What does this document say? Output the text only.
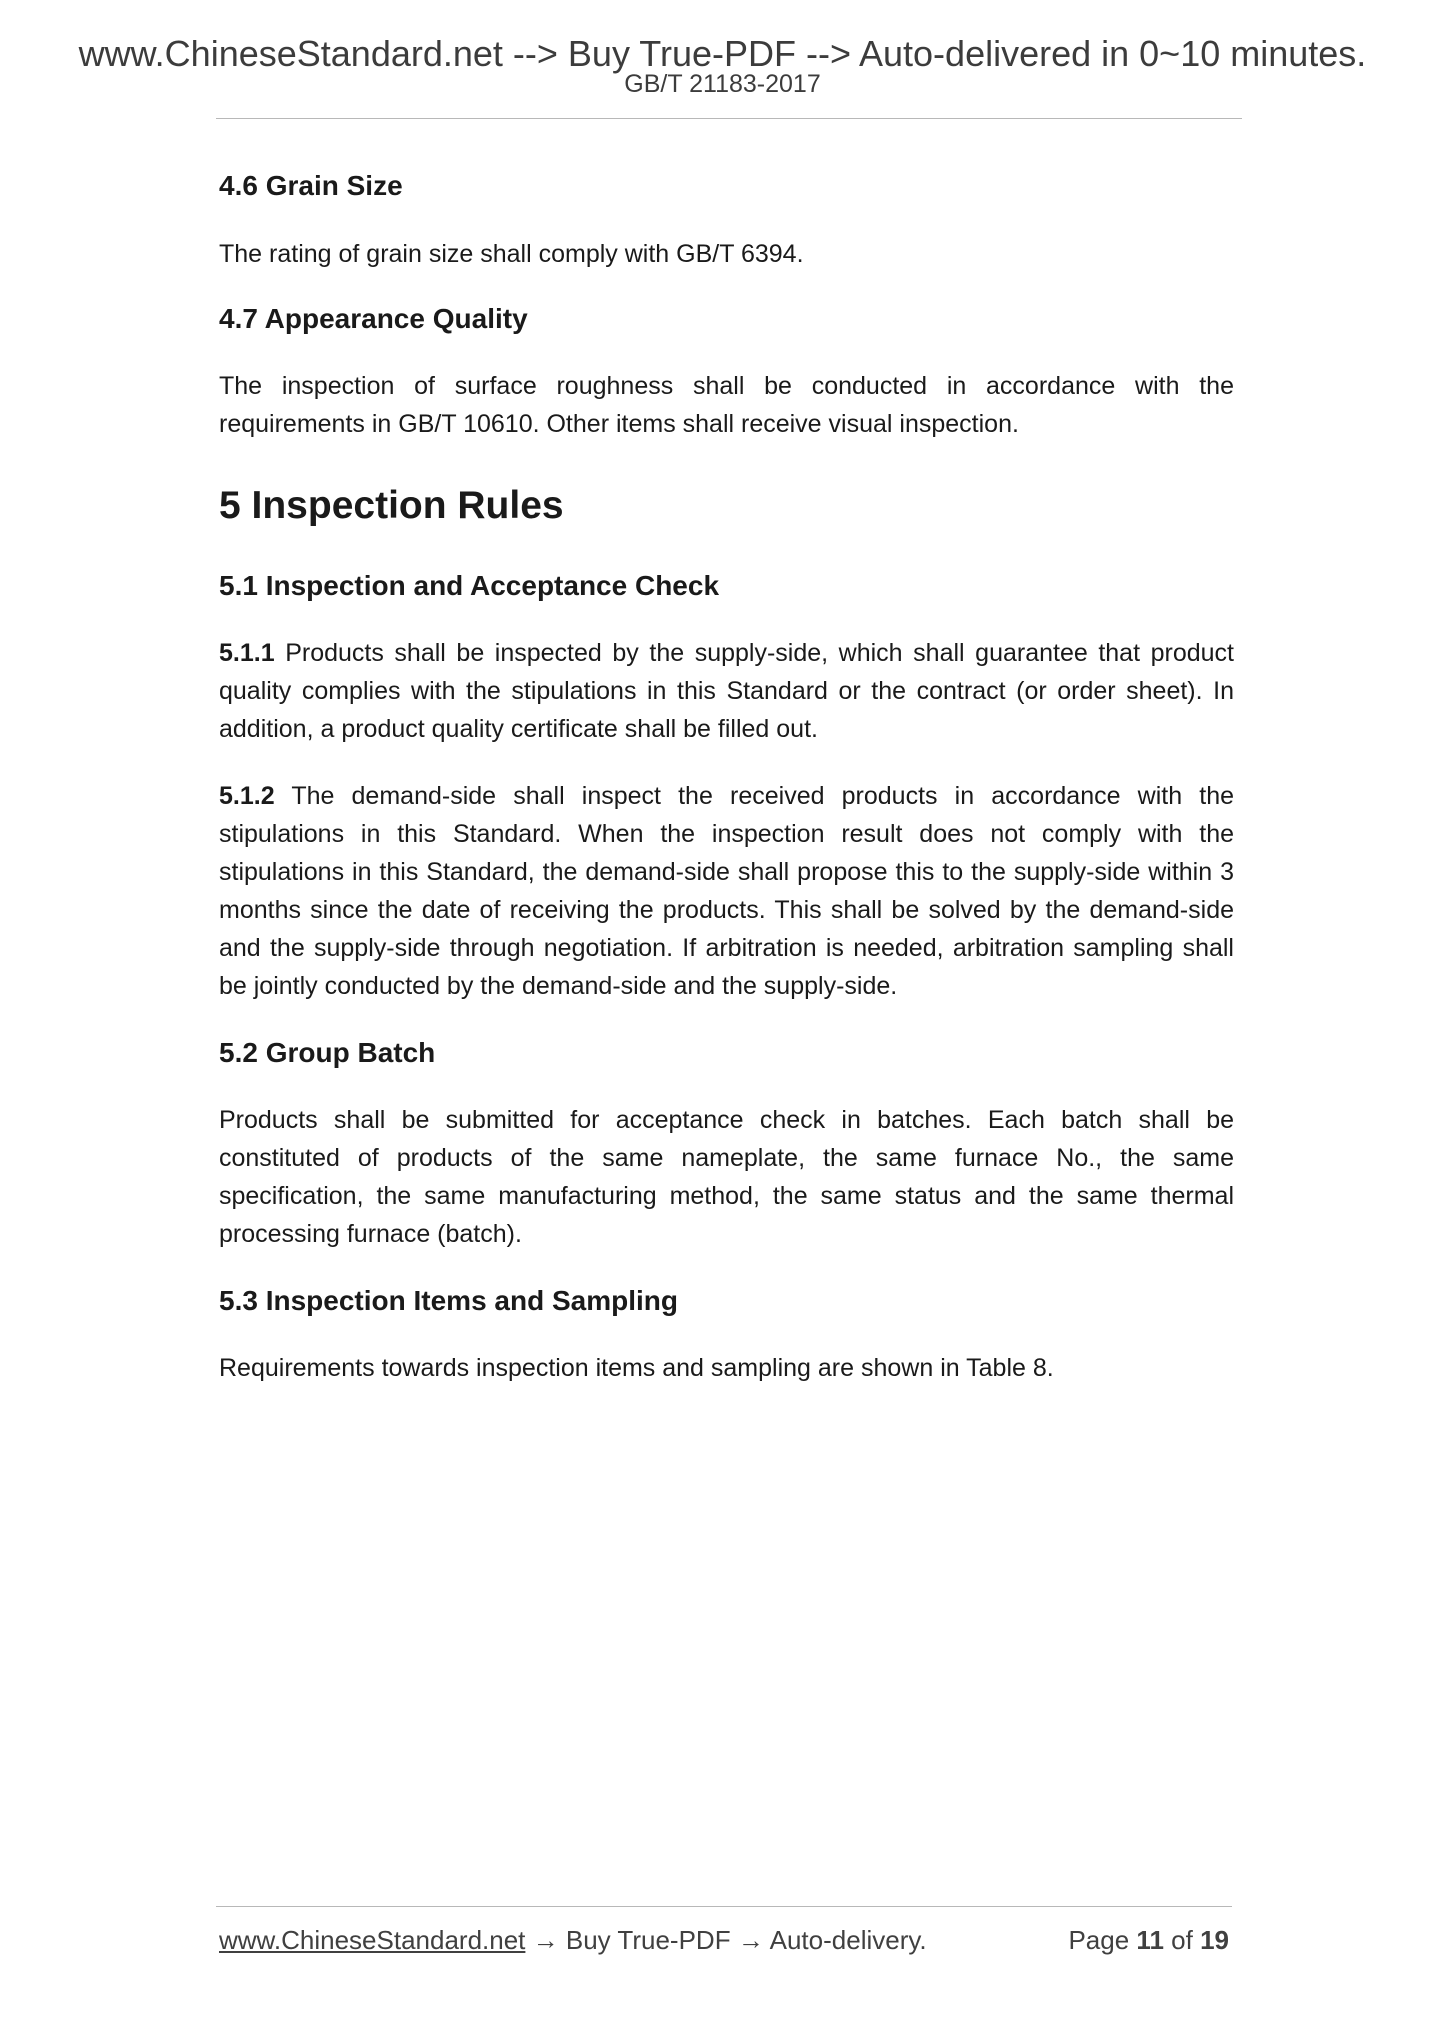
www.ChineseStandard.net --> Buy True-PDF --> Auto-delivered in 0~10 minutes.
GB/T 21183-2017
4.6 Grain Size

The rating of grain size shall comply with GB/T 6394.

4.7 Appearance Quality

The inspection of surface roughness shall be conducted in accordance with the requirements in GB/T 10610. Other items shall receive visual inspection.

5 Inspection Rules
5.1 Inspection and Acceptance Check

5.1.1 Products shall be inspected by the supply-side, which shall guarantee that product quality complies with the stipulations in this Standard or the contract (or order sheet). In addition, a product quality certificate shall be filled out.

5.1.2 The demand-side shall inspect the received products in accordance with the stipulations in this Standard. When the inspection result does not comply with the stipulations in this Standard, the demand-side shall propose this to the supply-side within 3 months since the date of receiving the products. This shall be solved by the demand-side and the supply-side through negotiation. If arbitration is needed, arbitration sampling shall be jointly conducted by the demand-side and the supply-side.

5.2 Group Batch

Products shall be submitted for acceptance check in batches. Each batch shall be constituted of products of the same nameplate, the same furnace No., the same specification, the same manufacturing method, the same status and the same thermal processing furnace (batch).

5.3 Inspection Items and Sampling

Requirements towards inspection items and sampling are shown in Table 8.

www.ChineseStandard.net → Buy True-PDF → Auto-delivery.	Page 11 of 19
